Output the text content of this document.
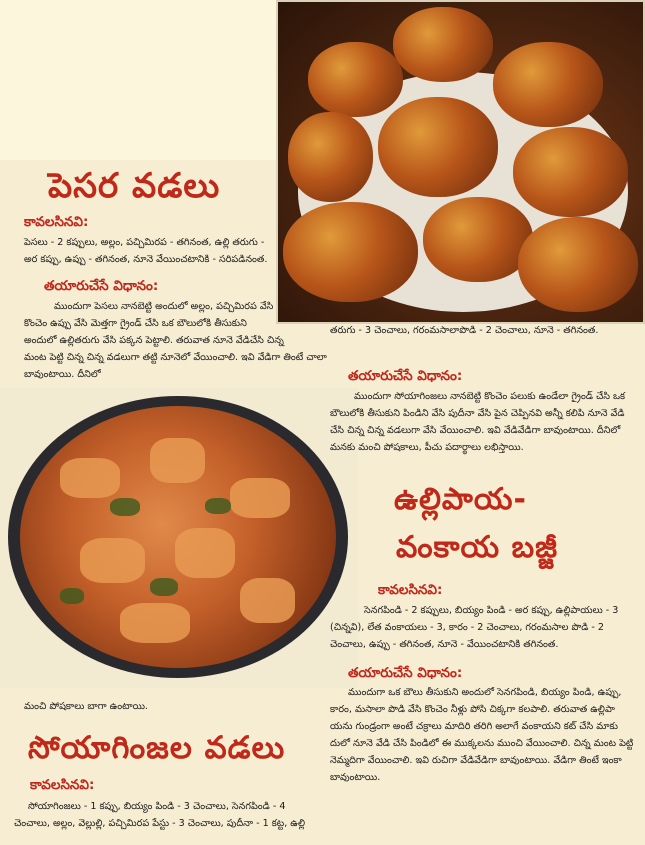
పెసర వడలు

కావలసినవి:

పెసలు - 2 కప్పులు, అల్లం, పచ్చిమిరప - తగినంత, ఉల్లి తరుగు -

అర కప్పు, ఉప్పు - తగినంత, నూనె వేయించటానికి - సరిపడినంత.

తయారుచేసే విధానం:

ముందుగా పెసలు నానబెట్టి అందులో అల్లం, పచ్చిమిరప వేసి

కొంచెం ఉప్పు వేసి మెత్తగా గ్రైండ్ చేసి ఒక బౌలులోకి తీసుకుని

అందులో ఉల్లితరుగు వేసి పక్కన పెట్టాలి. తరువాత నూనె వేడిచేసి చిన్న

మంట పెట్టి చిన్న చిన్న వడలుగా తట్టి నూనెలో వేయించాలి. ఇవి వేడిగా తింటే చాలా

బావుంటాయి. దీనిలో

మంచి పోషకాలు బాగా ఉంటాయి.

సోయాగింజల వడలు

కావలసినవి:

సోయాగింజలు - 1 కప్పు, బియ్యం పిండి - 3 చెంచాలు, సెనగపిండి - 4

చెంచాలు, అల్లం, వెల్లుల్లి, పచ్చిమిరప పేస్టు - 3 చెంచాలు, పుదీనా - 1 కట్ట, ఉల్లి

తరుగు - 3 చెంచాలు, గరంమసాలాపొడి - 2 చెంచాలు, నూనె - తగినంత.

తయారుచేసే విధానం:

ముందుగా సోయాగింజలు నానబెట్టి కొంచెం పలుకు ఉండేలా గ్రైండ్ చేసి ఒక

బౌలులోకి తీసుకుని పిండిని వేసి పుదీనా వేసి పైన చెప్పినవి అన్నీ కలిపి నూనె వేడి

చేసి చిన్న చిన్న వడలుగా వేసి వేయించాలి. ఇవి వేడివేడిగా బావుంటాయి. దీనిలో

మనకు మంచి పోషకాలు, పీచు పదార్థాలు లభిస్తాయి.

ఉల్లిపాయ-
వంకాయ బజ్జీ

కావలసినవి:

సెనగపిండి - 2 కప్పులు, బియ్యం పిండి - అర కప్పు, ఉల్లిపాయలు - 3

(చిన్నవి), లేత వంకాయలు - 3, కారం - 2 చెంచాలు, గరంమసాల పొడి - 2

చెంచాలు, ఉప్పు - తగినంత, నూనె - వేయించటానికి తగినంత.

తయారుచేసే విధానం:

ముందుగా ఒక బౌలు తీసుకుని అందులో సెనగపిండి, బియ్యం పిండి, ఉప్పు,

కారం, మసాలా పొడి వేసి కొంచెం నీళ్లు పోసి చిక్కగా కలపాలి. తరువాత ఉల్లిపా

యను గుండ్రంగా అంటే చక్రాలు మాదిరి తరిగి అలాగే వంకాయని కట్ చేసి మాకు

దులో నూనె వేడి చేసి పిండిలో ఈ ముక్కలను ముంచి వేయించాలి. చిన్న మంట పెట్టి

నెమ్మదిగా వేయించాలి. ఇవి రుచిగా వేడివేడిగా బావుంటాయి. వేడిగా తింటే ఇంకా

బావుంటాయి.
